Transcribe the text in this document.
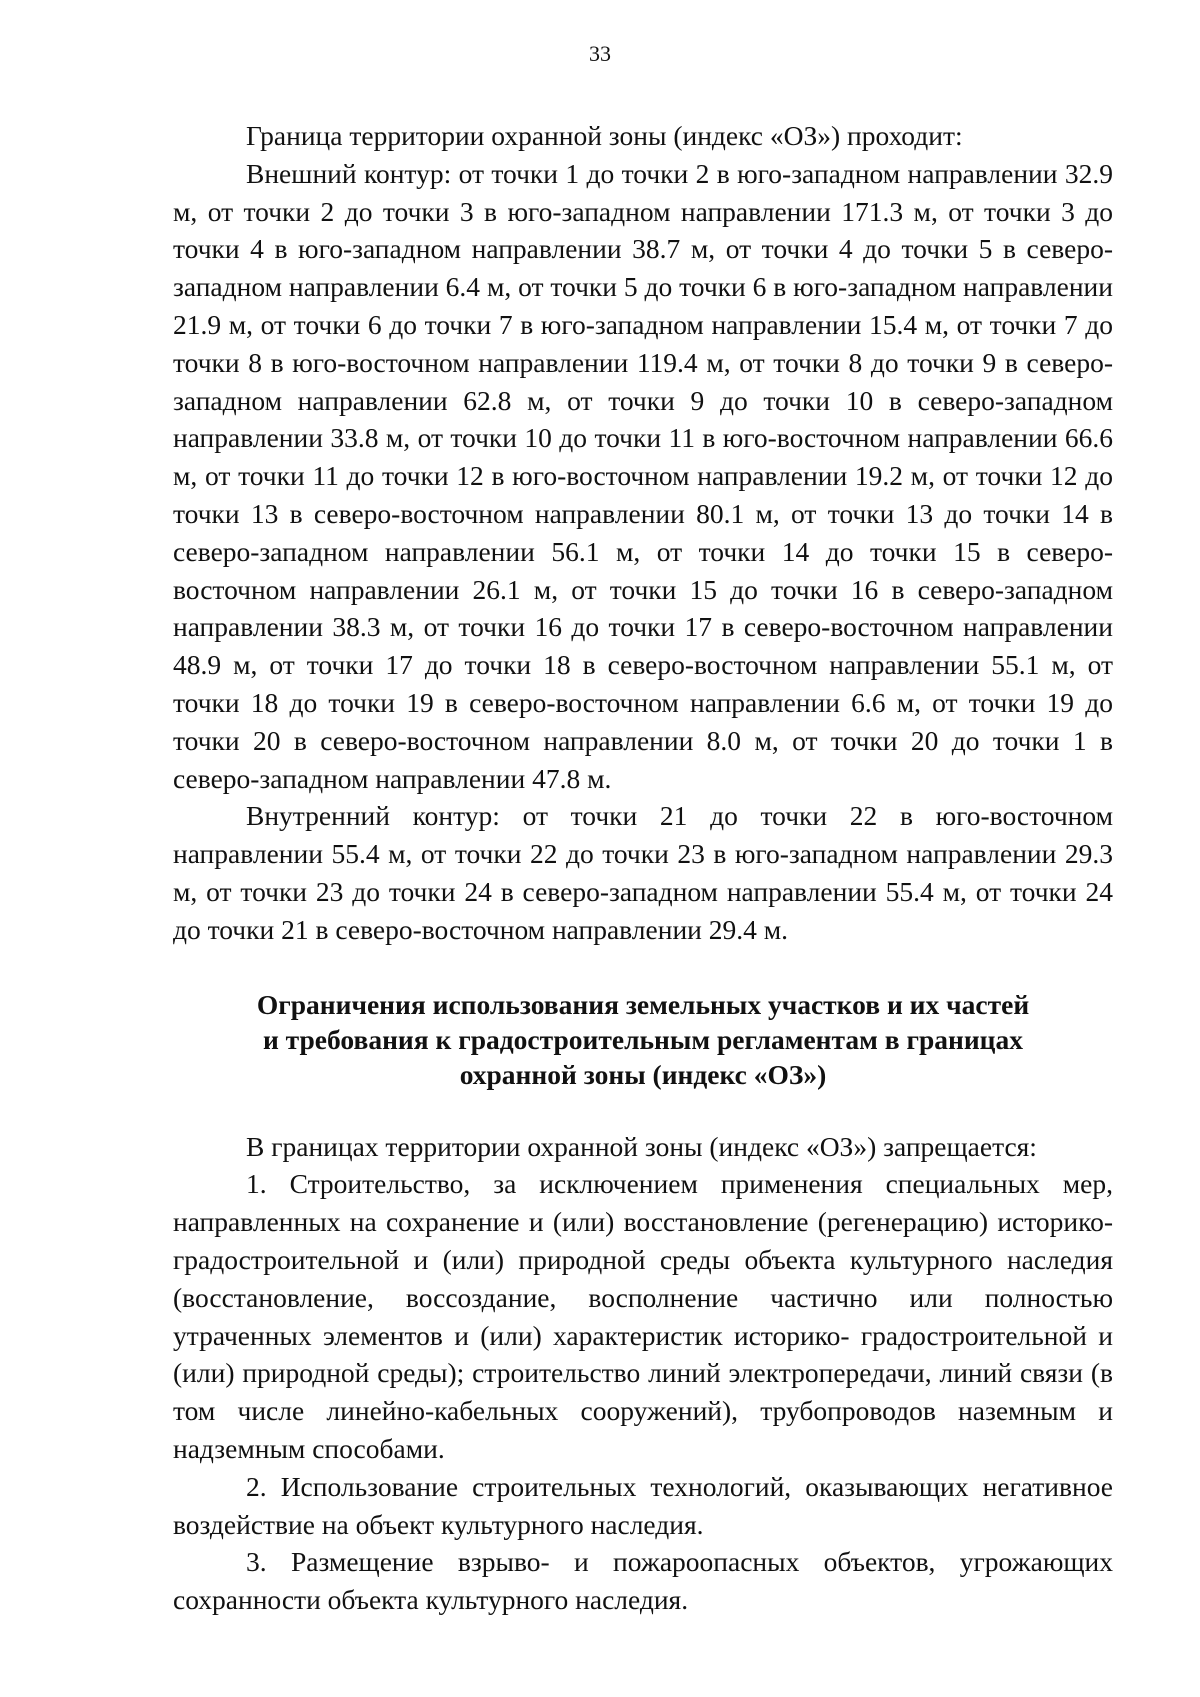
33

Граница территории охранной зоны (индекс «ОЗ») проходит:

Внешний контур: от точки 1 до точки 2 в юго-западном направлении 32.9 м, от точки 2 до точки 3 в юго-западном направлении 171.3 м, от точки 3 до точки 4 в юго-западном направлении 38.7 м, от точки 4 до точки 5 в северо-западном направлении 6.4 м, от точки 5 до точки 6 в юго-западном направлении 21.9 м, от точки 6 до точки 7 в юго-западном направлении 15.4 м, от точки 7 до точки 8 в юго-восточном направлении 119.4 м, от точки 8 до точки 9 в северо-западном направлении 62.8 м, от точки 9 до точки 10 в северо-западном направлении 33.8 м, от точки 10 до точки 11 в юго-восточном направлении 66.6 м, от точки 11 до точки 12 в юго-восточном направлении 19.2 м, от точки 12 до точки 13 в северо-восточном направлении 80.1 м, от точки 13 до точки 14 в северо-западном направлении 56.1 м, от точки 14 до точки 15 в северо-восточном направлении 26.1 м, от точки 15 до точки 16 в северо-западном направлении 38.3 м, от точки 16 до точки 17 в северо-восточном направлении 48.9 м, от точки 17 до точки 18 в северо-восточном направлении 55.1 м, от точки 18 до точки 19 в северо-восточном направлении 6.6 м, от точки 19 до точки 20 в северо-восточном направлении 8.0 м, от точки 20 до точки 1 в северо-западном направлении 47.8 м.

Внутренний контур: от точки 21 до точки 22 в юго-восточном направлении 55.4 м, от точки 22 до точки 23 в юго-западном направлении 29.3 м, от точки 23 до точки 24 в северо-западном направлении 55.4 м, от точки 24 до точки 21 в северо-восточном направлении 29.4 м.

Ограничения использования земельных участков и их частей
и требования к градостроительным регламентам в границах
охранной зоны (индекс «ОЗ»)

В границах территории охранной зоны (индекс «ОЗ») запрещается:

1. Строительство, за исключением применения специальных мер, направленных на сохранение и (или) восстановление (регенерацию) историко-градостроительной и (или) природной среды объекта культурного наследия (восстановление, воссоздание, восполнение частично или полностью утраченных элементов и (или) характеристик историко- градостроительной и (или) природной среды); строительство линий электропередачи, линий связи (в том числе линейно-кабельных сооружений), трубопроводов наземным и надземным способами.

2. Использование строительных технологий, оказывающих негативное воздействие на объект культурного наследия.

3. Размещение взрыво- и пожароопасных объектов, угрожающих сохранности объекта культурного наследия.
